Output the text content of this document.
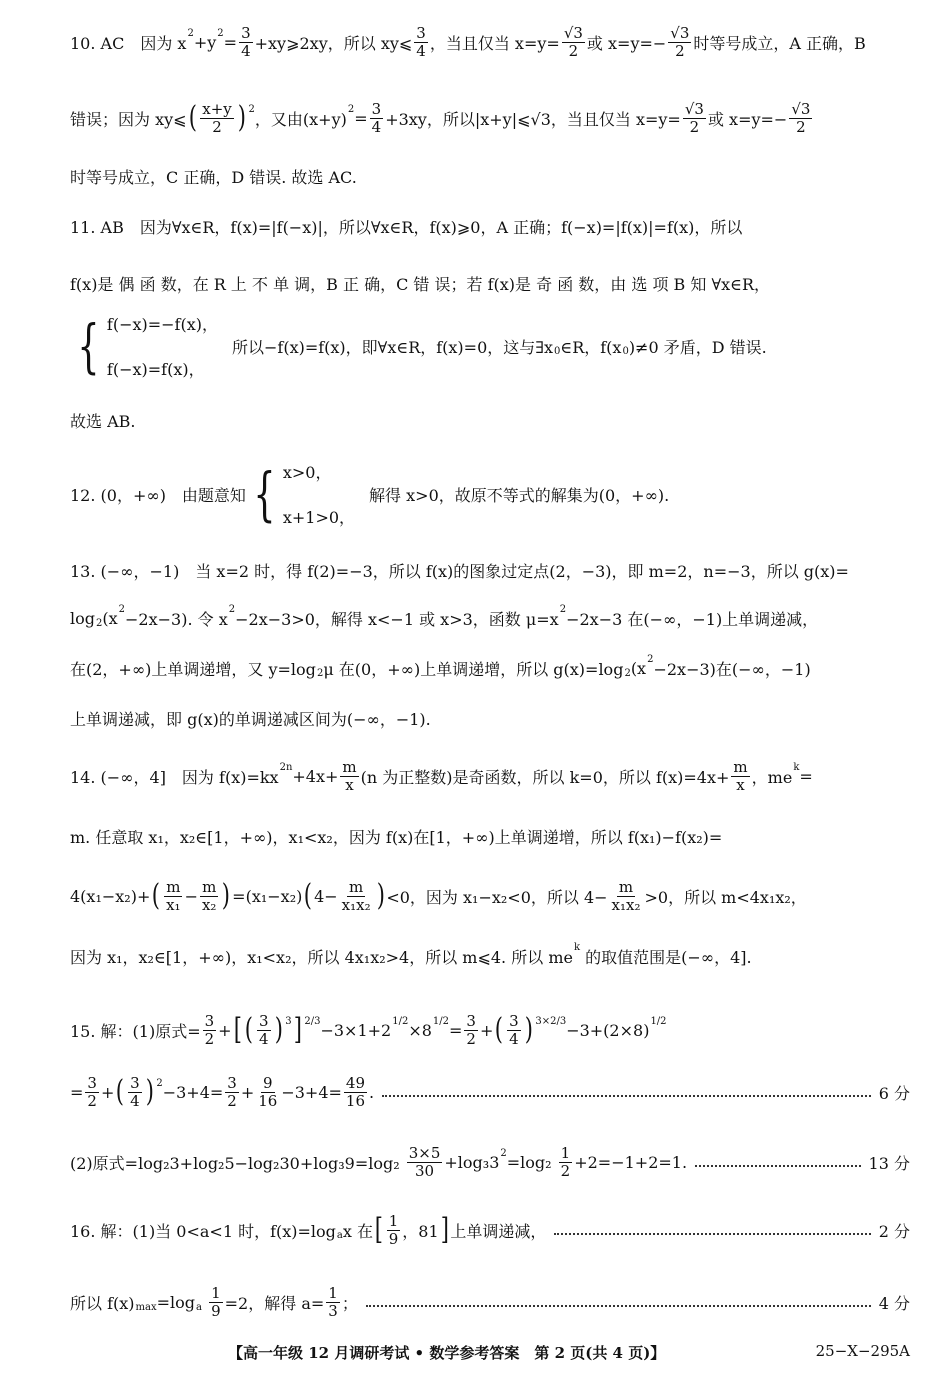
10. AC　因为 x
2 +y $2 = \frac{3}{4}$ +xy⩾2xy，所以 xy⩽ $\frac{3}{4}$ ，当且仅当 $x=y= \frac{√3}{2}$ 或 $x=y=- \frac{√3}{2}$ 时等号成立，A 正确，B
错误；因为 xy⩽ ( $\frac{x+y}{2}$ ) 2
，又由(x+y)
$2 = \frac{3}{4} +3xy$，所以|x+y|⩽√3，当且仅当 $x=y= \frac{√3}{2}$ 或 $x=y=- \frac{√3}{2}$
时等号成立，C 正确，D 错误. 故选 AC.
11. AB　因为∀x∈R，f(x)=|f(−x)|，所以∀x∈R，f(x)⩾0，A 正确；f(−x)=|f(x)|=f(x)，所以
f(x)是 偶 函 数，在 R 上 不 单 调，B 正 确，C 错 误；若 f(x)是 奇 函 数，由 选 项 B 知 ∀x∈R，
{ f(−x)=−f(x)，
f(−x)=f(x)，
所以−f(x)=f(x)，即∀x∈R，f(x)=0，这与∃x 0 ∈R，f(x 0 )≠0 矛盾，D 错误.
故选 AB.
12. (0，+∞)　由题意知 { x>0，
x+1>0，
解得 x>0，故原不等式的解集为(0，+∞).
13. (−∞，−1)　当 x=2 时，得 f(2)=−3，所以 f(x)的图象过定点(2，−3)，即 m=2，n=−3，所以 g(x)=
log 2 (x 2
−2x−3). 令 x
2
−2x−3>0，解得 x<−1 或 x>3，函数 μ=x
2
−2x−3 在(−∞，−1)上单调递减，
在(2，+∞)上单调递增，又 y=log 2 μ 在(0，+∞)上单调递增，所以 g(x)=log 2 (x 2
−2x−3)在(−∞，−1)
上单调递减，即 g(x)的单调递减区间为(−∞，−1).
14. (−∞，4]　因为 f(x)=kx
$2n +4x+ \frac{m}{x} (n$ 为正整数)是奇函数，所以 k=0，所以 $f(x)=4x+ \frac{m}{x}$ ，me
k =
m. 任意取 x₁，x₂∈[1，+∞)，x₁<x₂，因为 f(x)在[1，+∞)上单调递增，所以 f(x₁)−f(x₂)=
4(x₁−x₂)+ ( $\frac{m}{\text{x₁}} - \frac{m}{\text{x₂}}$ ) =(x₁−x₂) ( $4- \frac{m}{\text{x₁x₂}}$ ) <0，因为 x₁−x₂<0，所以 $4- \frac{m}{\text{x₁x₂}} >0$，所以 m<4x₁x₂，
因为 x₁，x₂∈[1，+∞)，x₁<x₂，所以 4x₁x₂>4，所以 m⩽4. 所以 me
k
的取值范围是(−∞，4].
15. 解：(1)原式= $\frac{3}{2}$ + [ ( $\frac{3}{4}$ ) 3 ] 2/3 −3×1+2 1/2 ×8 $1/2 = \frac{3}{2}$ + ( $\frac{3}{4}$ ) 3×2/3 −3+(2×8) 1/2
= $\frac{3}{2}$ + ( $\frac{3}{4}$ ) $2 -3+4= \frac{3}{2} + \frac{9}{16} -3+4= \frac{49}{16}$ .	6 分
(2)原式$=\log_23+\log_25-\log_230+\log_39=\log_2 \frac{3\times 5}{30} +\log_33$ $2 =\log_2 \frac{1}{2} +2=-1+2=1$.	13 分
16. 解：(1)当 0<a<1 时，f(x)=log a x 在 [ $\frac{1}{9}$ ，81 ] 上单调递减，	2 分
所以 f(x) max =log a
$\frac{1}{9} =2$，解得 $a= \frac{1}{3}$ ；	4 分
【高一年级 12 月调研考试 • 数学参考答案　第 2 页(共 4 页)】	25−X−295A
